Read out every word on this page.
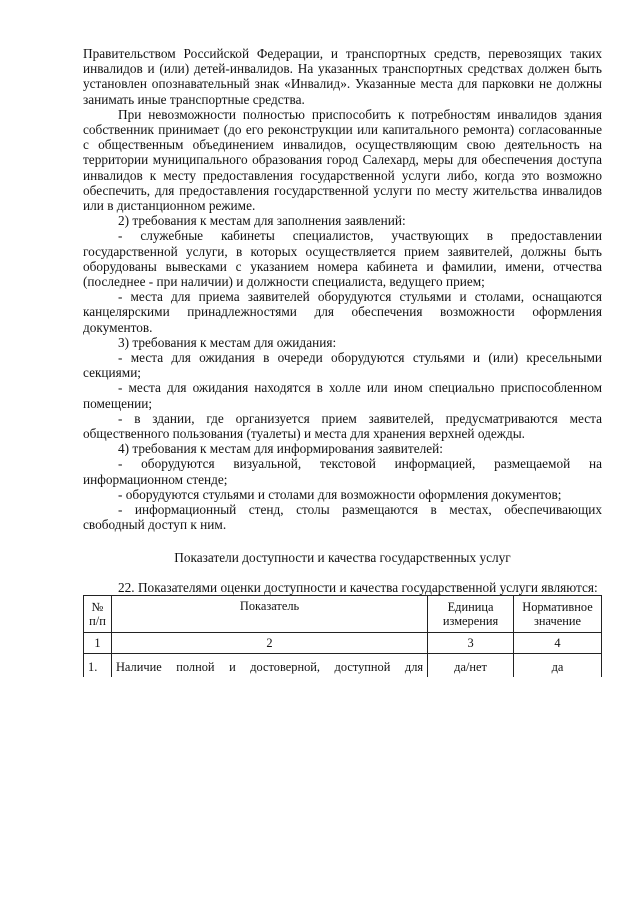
Правительством Российской Федерации, и транспортных средств, перевозящих таких инвалидов и (или) детей-инвалидов. На указанных транспортных средствах должен быть установлен опознавательный знак «Инвалид». Указанные места для парковки не должны занимать иные транспортные средства.

При невозможности полностью приспособить к потребностям инвалидов здания собственник принимает (до его реконструкции или капитального ремонта) согласованные с общественным объединением инвалидов, осуществляющим свою деятельность на территории муниципального образования город Салехард, меры для обеспечения доступа инвалидов к месту предоставления государственной услуги либо, когда это возможно обеспечить, для предоставления государственной услуги по месту жительства инвалидов или в дистанционном режиме.

2) требования к местам для заполнения заявлений:

- служебные кабинеты специалистов, участвующих в предоставлении государственной услуги, в которых осуществляется прием заявителей, должны быть оборудованы вывесками с указанием номера кабинета и фамилии, имени, отчества (последнее - при наличии) и должности специалиста, ведущего прием;

- места для приема заявителей оборудуются стульями и столами, оснащаются канцелярскими принадлежностями для обеспечения возможности оформления документов.

3) требования к местам для ожидания:

- места для ожидания в очереди оборудуются стульями и (или) кресельными секциями;

- места для ожидания находятся в холле или ином специально приспособленном помещении;

- в здании, где организуется прием заявителей, предусматриваются места общественного пользования (туалеты) и места для хранения верхней одежды.

4) требования к местам для информирования заявителей:

- оборудуются визуальной, текстовой информацией, размещаемой на информационном стенде;

- оборудуются стульями и столами для возможности оформления документов;

- информационный стенд, столы размещаются в местах, обеспечивающих свободный доступ к ним.

Показатели доступности и качества государственных услуг

22. Показателями оценки доступности и качества государственной услуги являются:

№ п/п	Показатель	Единица измерения	Нормативное значение
1	2	3	4
1.	Наличие полной и достоверной, доступной для	да/нет	да
